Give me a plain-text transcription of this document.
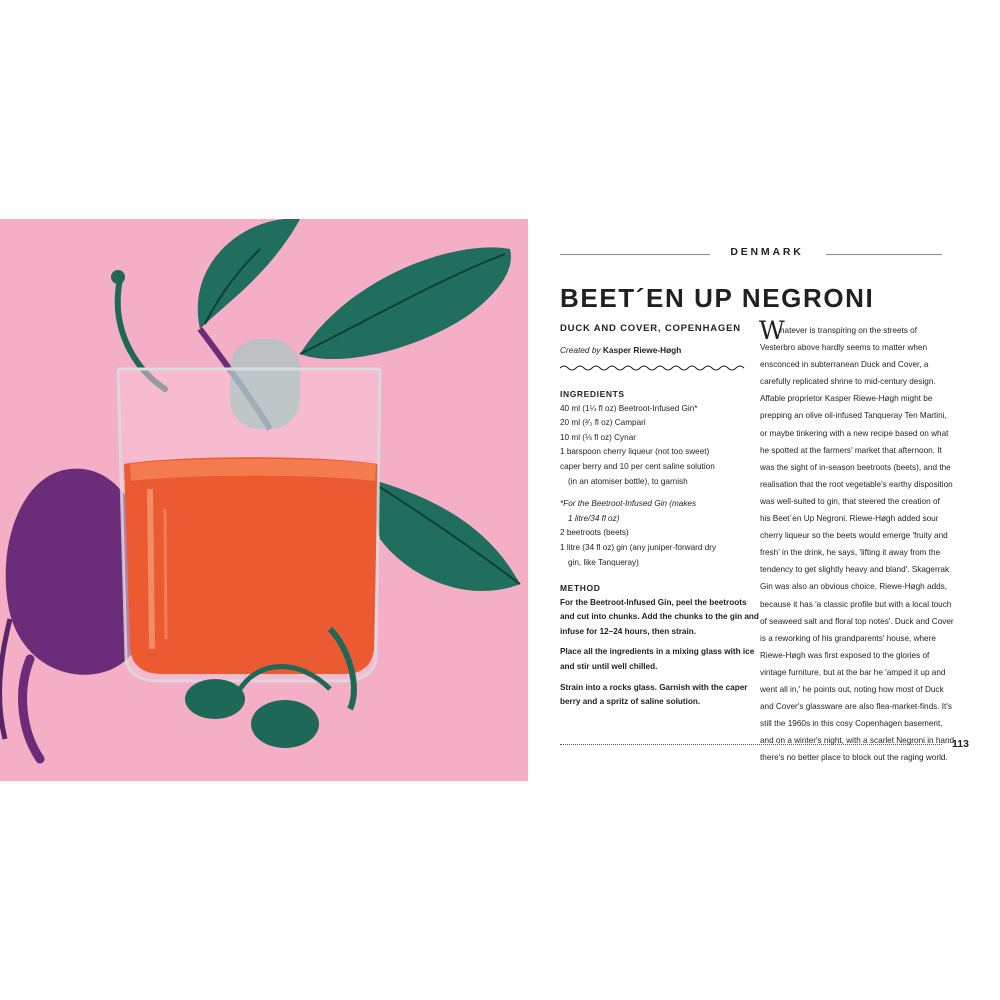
DENMARK
BEET´EN UP NEGRONI
DUCK AND COVER, COPENHAGEN
Created by Kasper Riewe-Høgh
INGREDIENTS
40 ml (1¼ fl oz) Beetroot-Infused Gin*
20 ml (²⁄₃ fl oz) Campari
10 ml (⅓ fl oz) Cynar
1 barspoon cherry liqueur (not too sweet)
caper berry and 10 per cent saline solution
(in an atomiser bottle), to garnish
*For the Beetroot-Infused Gin (makes
1 litre/34 fl oz)
2 beetroots (beets)
1 litre (34 fl oz) gin (any juniper-forward dry
gin, like Tanqueray)
METHOD
For the Beetroot-Infused Gin, peel the beetroots
and cut into chunks. Add the chunks to the gin and
infuse for 12–24 hours, then strain.
Place all the ingredients in a mixing glass with ice
and stir until well chilled.
Strain into a rocks glass. Garnish with the caper
berry and a spritz of saline solution.
W
hatever is transpiring on the streets of
Vesterbro above hardly seems to matter when
ensconced in subterranean Duck and Cover, a
carefully replicated shrine to mid-century design.
Affable proprietor Kasper Riewe-Høgh might be
prepping an olive oil-infused Tanqueray Ten Martini,
or maybe tinkering with a new recipe based on what
he spotted at the farmers' market that afternoon. It
was the sight of in-season beetroots (beets), and the
realisation that the root vegetable's earthy disposition
was well-suited to gin, that steered the creation of
his Beet´en Up Negroni. Riewe-Høgh added sour
cherry liqueur so the beets would emerge 'fruity and
fresh' in the drink, he says, 'lifting it away from the
tendency to get slightly heavy and bland'. Skagerrak
Gin was also an obvious choice, Riewe-Høgh adds,
because it has 'a classic profile but with a local touch
of seaweed salt and floral top notes'. Duck and Cover
is a reworking of his grandparents' house, where
Riewe-Høgh was first exposed to the glories of
vintage furniture, but at the bar he 'amped it up and
went all in,' he points out, noting how most of Duck
and Cover's glassware are also flea-market-finds. It's
still the 1960s in this cosy Copenhagen basement,
and on a winter's night, with a scarlet Negroni in hand,
there's no better place to block out the raging world.
113
